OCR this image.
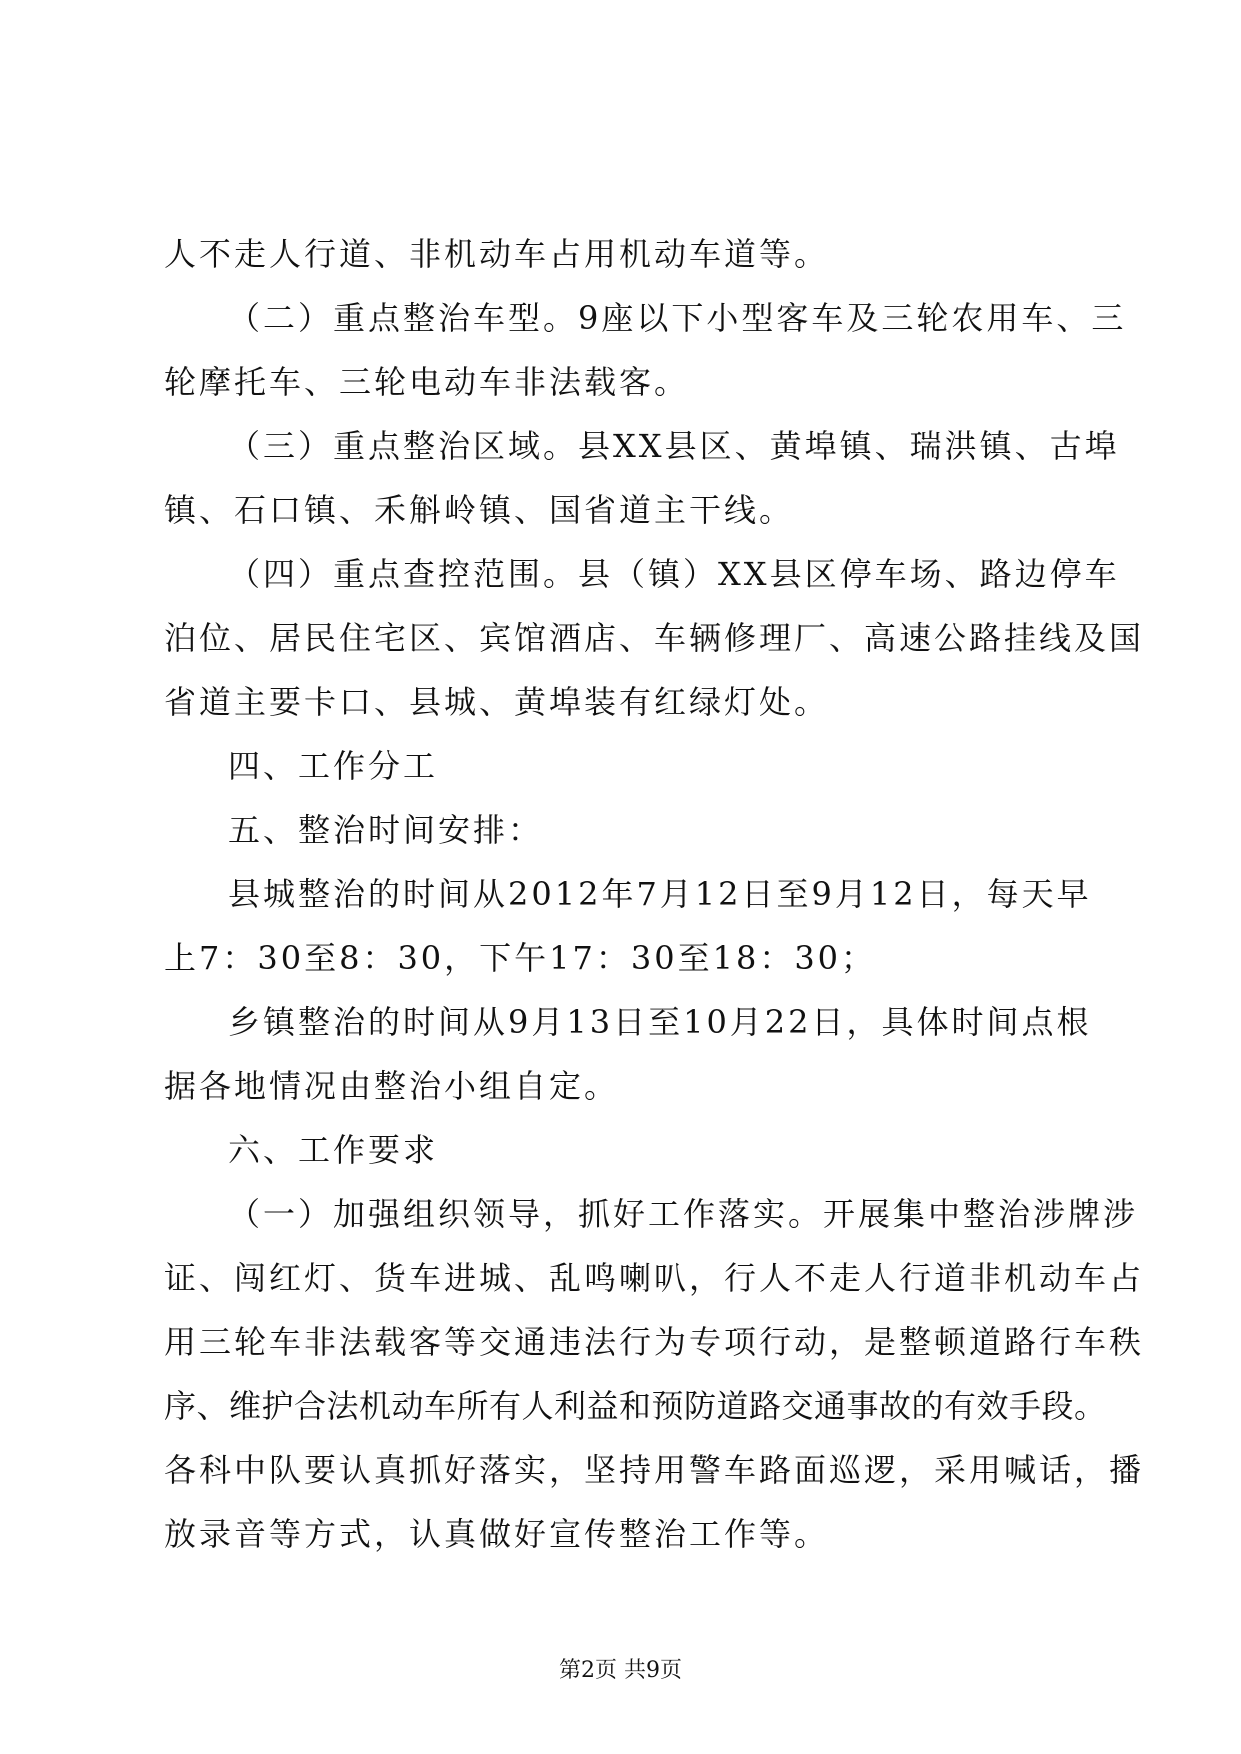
人不走人行道、非机动车占用机动车道等。
（二）重点整治车型。9座以下小型客车及三轮农用车、三
轮摩托车、三轮电动车非法载客。
（三）重点整治区域。县XX县区、黄埠镇、瑞洪镇、古埠
镇、石口镇、禾斛岭镇、国省道主干线。
（四）重点查控范围。县（镇）XX县区停车场、路边停车
泊位、居民住宅区、宾馆酒店、车辆修理厂、高速公路挂线及国
省道主要卡口、县城、黄埠装有红绿灯处。
四、工作分工
五、整治时间安排：
县城整治的时间从2012年7月12日至9月12日，每天早
上7：30至8：30，下午17：30至18：30；
乡镇整治的时间从9月13日至10月22日，具体时间点根
据各地情况由整治小组自定。
六、工作要求
（一）加强组织领导，抓好工作落实。开展集中整治涉牌涉
证、闯红灯、货车进城、乱鸣喇叭，行人不走人行道非机动车占
用三轮车非法载客等交通违法行为专项行动，是整顿道路行车秩
序、维护合法机动车所有人利益和预防道路交通事故的有效手段。
各科中队要认真抓好落实，坚持用警车路面巡逻，采用喊话，播
放录音等方式，认真做好宣传整治工作等。
第2页 共9页
